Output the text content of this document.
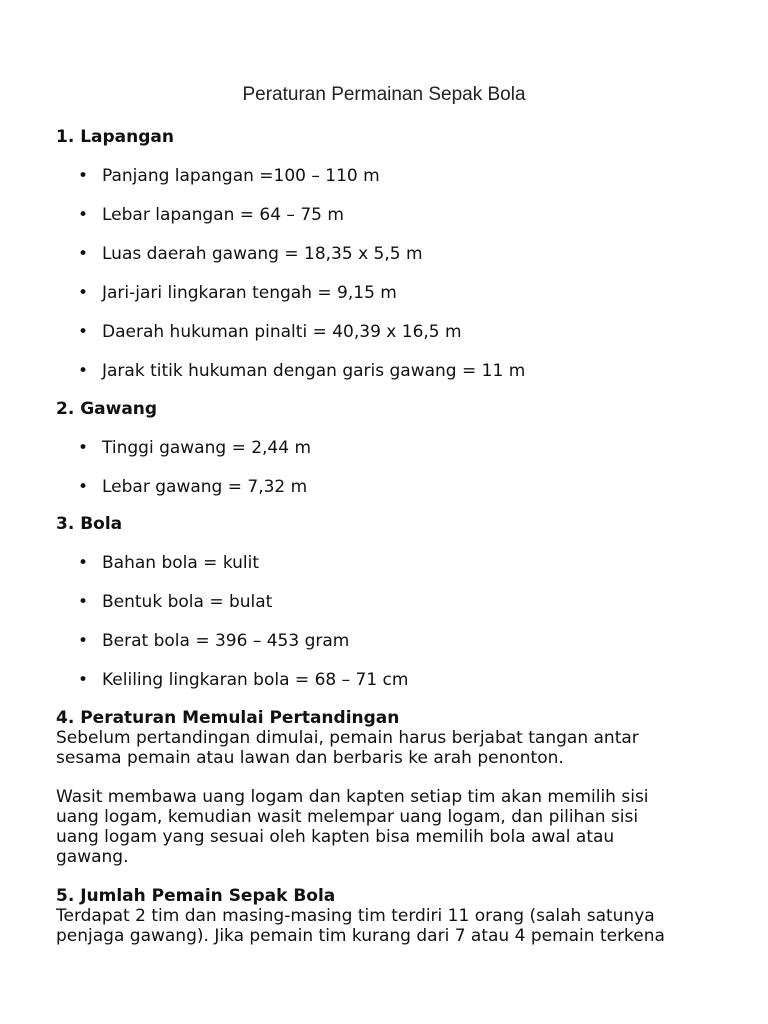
Peraturan Permainan Sepak Bola
1. Lapangan
• Panjang lapangan =100 – 110 m
• Lebar lapangan = 64 – 75 m
• Luas daerah gawang = 18,35 x 5,5 m
• Jari-jari lingkaran tengah = 9,15 m
• Daerah hukuman pinalti = 40,39 x 16,5 m
• Jarak titik hukuman dengan garis gawang = 11 m
2. Gawang
• Tinggi gawang = 2,44 m
• Lebar gawang = 7,32 m
3. Bola
• Bahan bola = kulit
• Bentuk bola = bulat
• Berat bola = 396 – 453 gram
• Keliling lingkaran bola = 68 – 71 cm
4. Peraturan Memulai Pertandingan
Sebelum pertandingan dimulai, pemain harus berjabat tangan antar
sesama pemain atau lawan dan berbaris ke arah penonton.
Wasit membawa uang logam dan kapten setiap tim akan memilih sisi
uang logam, kemudian wasit melempar uang logam, dan pilihan sisi
uang logam yang sesuai oleh kapten bisa memilih bola awal atau
gawang.
5. Jumlah Pemain Sepak Bola
Terdapat 2 tim dan masing-masing tim terdiri 11 orang (salah satunya
penjaga gawang). Jika pemain tim kurang dari 7 atau 4 pemain terkena
